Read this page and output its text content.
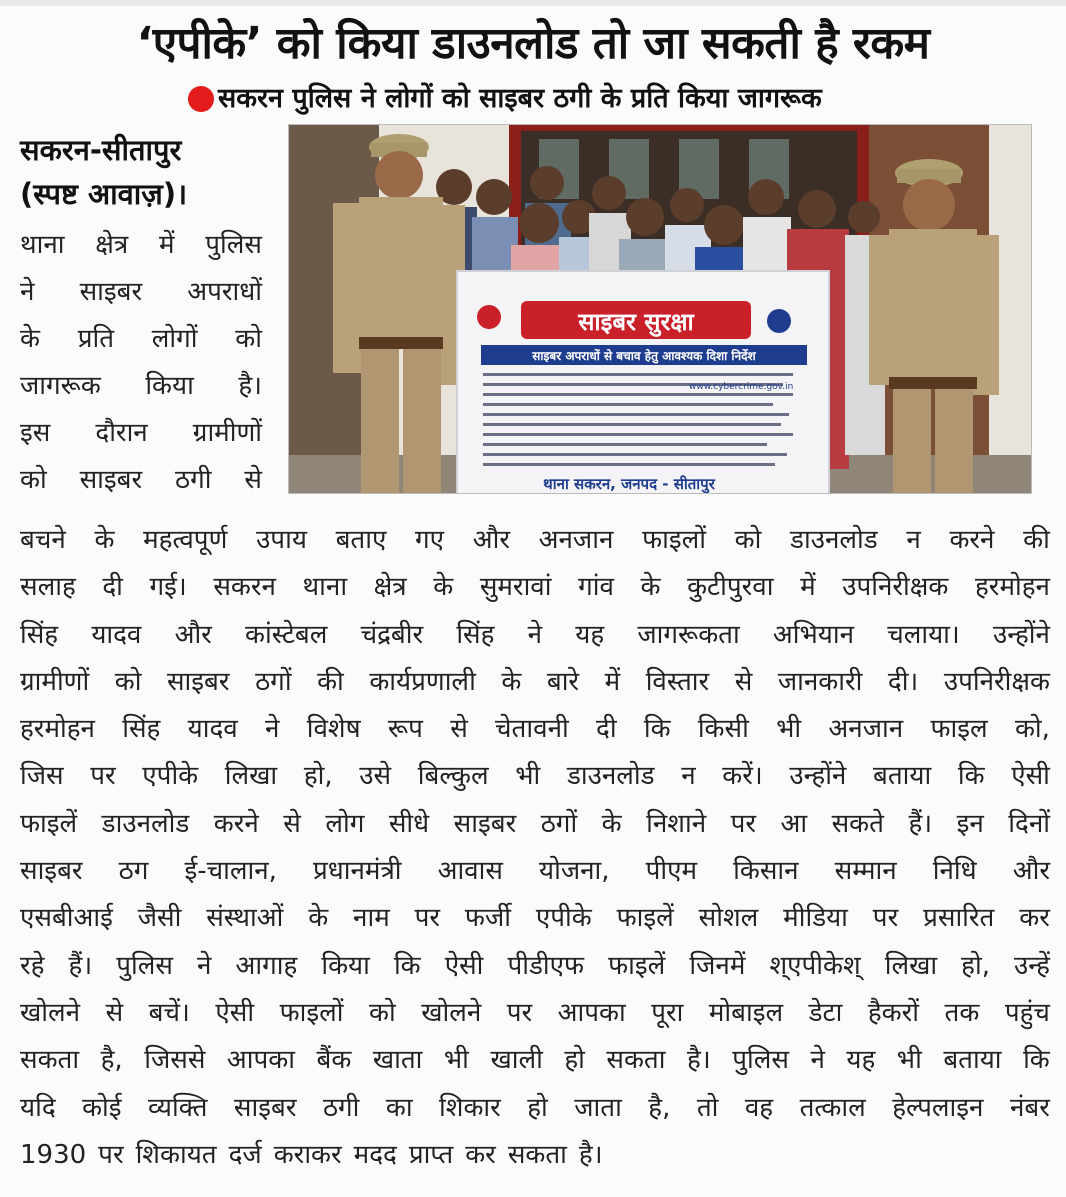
‘एपीके’ को किया डाउनलोड तो जा सकती है रकम
सकरन पुलिस ने लोगों को साइबर ठगी के प्रति किया जागरूक
सकरन-सीतापुर
(स्पष्ट आवाज़)।
थाना क्षेत्र में पुलिस
ने साइबर अपराधों
के प्रति लोगों को
जागरूक किया है।
इस दौरान ग्रामीणों
को साइबर ठगी से
साइबर सुरक्षा
साइबर अपराधों से बचाव हेतु आवश्यक दिशा निर्देश
www.cybercrime.gov.in
थाना सकरन, जनपद - सीतापुर
बचने के महत्वपूर्ण उपाय बताए गए और अनजान फाइलों को डाउनलोड न करने की
सलाह दी गई। सकरन थाना क्षेत्र के सुमरावां गांव के कुटीपुरवा में उपनिरीक्षक हरमोहन
सिंह यादव और कांस्टेबल चंद्रबीर सिंह ने यह जागरूकता अभियान चलाया। उन्होंने
ग्रामीणों को साइबर ठगों की कार्यप्रणाली के बारे में विस्तार से जानकारी दी। उपनिरीक्षक
हरमोहन सिंह यादव ने विशेष रूप से चेतावनी दी कि किसी भी अनजान फाइल को,
जिस पर एपीके लिखा हो, उसे बिल्कुल भी डाउनलोड न करें। उन्होंने बताया कि ऐसी
फाइलें डाउनलोड करने से लोग सीधे साइबर ठगों के निशाने पर आ सकते हैं। इन दिनों
साइबर ठग ई-चालान, प्रधानमंत्री आवास योजना, पीएम किसान सम्मान निधि और
एसबीआई जैसी संस्थाओं के नाम पर फर्जी एपीके फाइलें सोशल मीडिया पर प्रसारित कर
रहे हैं। पुलिस ने आगाह किया कि ऐसी पीडीएफ फाइलें जिनमें श्एपीकेश् लिखा हो, उन्हें
खोलने से बचें। ऐसी फाइलों को खोलने पर आपका पूरा मोबाइल डेटा हैकरों तक पहुंच
सकता है, जिससे आपका बैंक खाता भी खाली हो सकता है। पुलिस ने यह भी बताया कि
यदि कोई व्यक्ति साइबर ठगी का शिकार हो जाता है, तो वह तत्काल हेल्पलाइन नंबर
1930 पर शिकायत दर्ज कराकर मदद प्राप्त कर सकता है।
